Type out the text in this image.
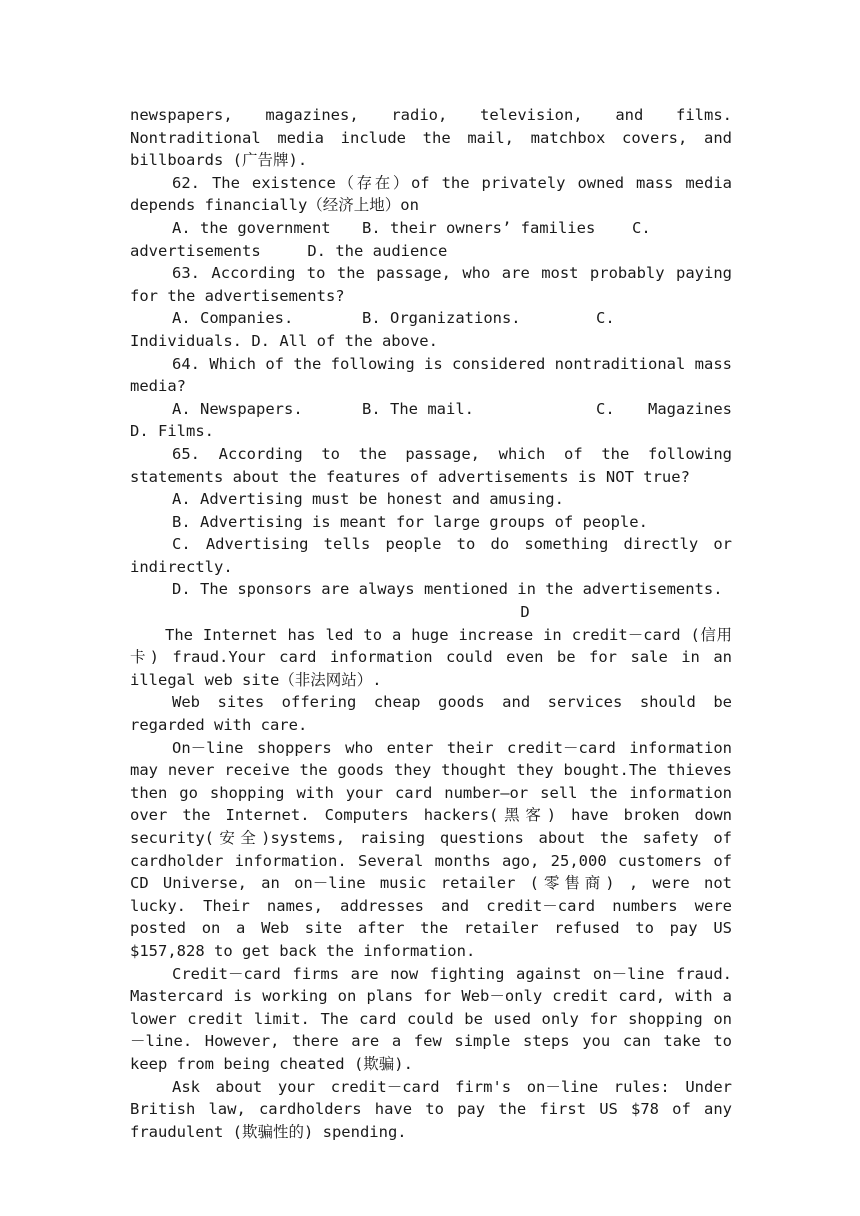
newspapers, magazines, radio, television, and films. Nontraditional media include the mail, matchbox covers, and billboards (广告牌).

62. The existence（存在）of the privately owned mass media depends financially（经济上地）on

A. the government B. their owners’ families C. advertisements	D. the audience

63. According to the passage, who are most probably paying for the advertisements?

A. Companies.	B. Organizations.	C. Individuals. D. All of the above.

64. Which of the following is considered nontraditional mass media?

A. Newspapers.	B. The mail.	C. Magazines D. Films.

65. According to the passage, which of the following statements about the features of advertisements is NOT true?

A. Advertising must be honest and amusing.

B. Advertising is meant for large groups of people.

C. Advertising tells people to do something directly or indirectly.

D. The sponsors are always mentioned in the advertisements.

D

The Internet has led to a huge increase in credit－card (信用卡) fraud.Your card information could even be for sale in an illegal web site（非法网站）.

Web sites offering cheap goods and services should be regarded with care.

On－line shoppers who enter their credit－card information may never receive the goods they thought they bought.The thieves then go shopping with your card number—or sell the information over the Internet. Computers hackers(黑客) have broken down security(安全)systems, raising questions about the safety of cardholder information. Several months ago, 25,000 customers of CD Universe, an on－line music retailer (零售商) , were not lucky. Their names, addresses and credit－card numbers were posted on a Web site after the retailer refused to pay US $157,828 to get back the information.

Credit－card firms are now fighting against on－line fraud. Mastercard is working on plans for Web－only credit card, with a lower credit limit. The card could be used only for shopping on－line. However, there are a few simple steps you can take to keep from being cheated (欺骗).

Ask about your credit－card firm's on－line rules: Under British law, cardholders have to pay the first US $78 of any fraudulent (欺骗性的) spending.
